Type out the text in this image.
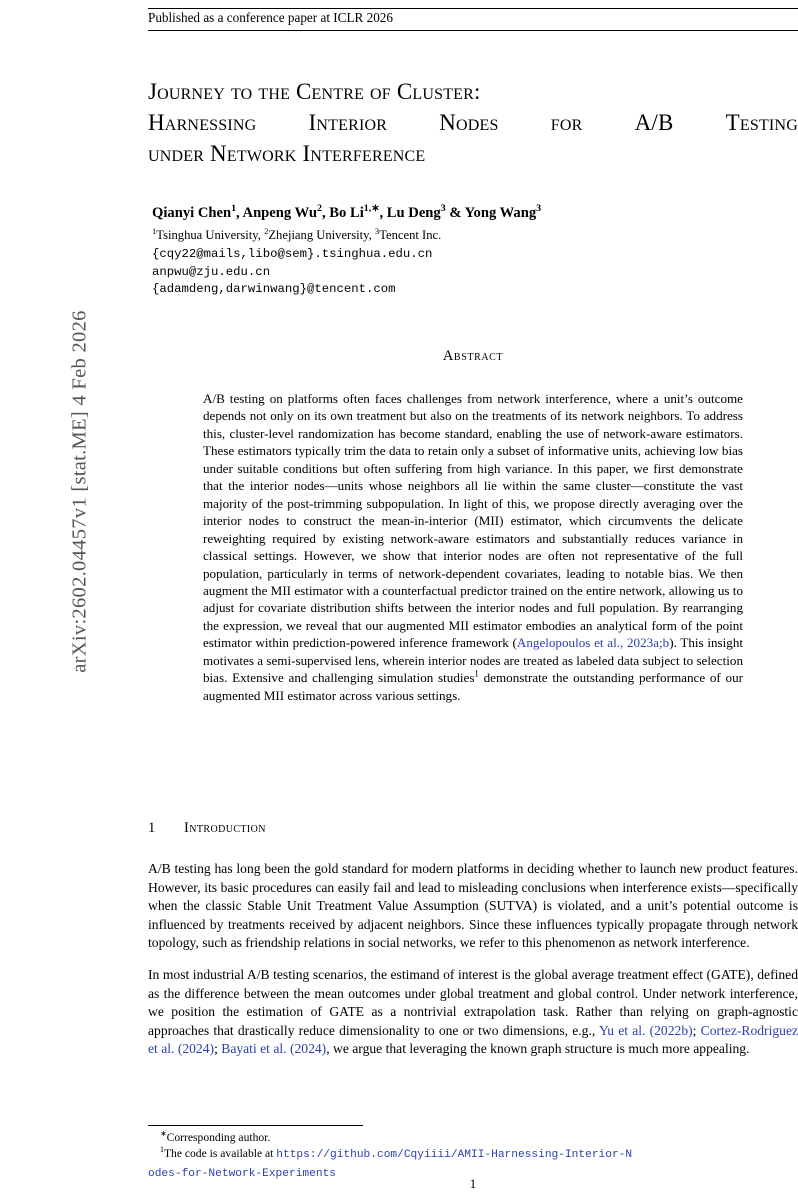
arXiv:2602.04457v1 [stat.ME] 4 Feb 2026
Published as a conference paper at ICLR 2026
Journey to the Centre of Cluster:
Harnessing Interior Nodes for A/B Testing
under Network Interference
Qianyi Chen$^1$, Anpeng Wu$^2$, Bo $Li^{1,∗}$, Lu Deng$^3$ & Yong Wang$^3$
$^1$Tsinghua University, $^2$Zhejiang University, $^3$Tencent Inc.
{cqy22@mails,libo@sem}.tsinghua.edu.cn
anpwu@zju.edu.cn
{adamdeng,darwinwang}@tencent.com
Abstract
A/B testing on platforms often faces challenges from network interference, where a unit’s outcome depends not only on its own treatment but also on the treatments of its network neighbors. To address this, cluster-level randomization has become standard, enabling the use of network-aware estimators. These estimators typically trim the data to retain only a subset of informative units, achieving low bias under suitable conditions but often suffering from high variance. In this paper, we first demonstrate that the interior nodes—units whose neighbors all lie within the same cluster—constitute the vast majority of the post-trimming subpopulation. In light of this, we propose directly averaging over the interior nodes to construct the mean-in-interior (MII) estimator, which circumvents the delicate reweighting required by existing network-aware estimators and substantially reduces variance in classical settings. However, we show that interior nodes are often not representative of the full population, particularly in terms of network-dependent covariates, leading to notable bias. We then augment the MII estimator with a counterfactual predictor trained on the entire network, allowing us to adjust for covariate distribution shifts between the interior nodes and full population. By rearranging the expression, we reveal that our augmented MII estimator embodies an analytical form of the point estimator within prediction-powered inference framework (Angelopoulos et al., 2023a;b). This insight motivates a semi-supervised lens, wherein interior nodes are treated as labeled data subject to selection bias. Extensive and challenging simulation studies$^1$ demonstrate the outstanding performance of our augmented MII estimator across various settings.
1 Introduction

A/B testing has long been the gold standard for modern platforms in deciding whether to launch new product features. However, its basic procedures can easily fail and lead to misleading conclusions when interference exists—specifically when the classic Stable Unit Treatment Value Assumption (SUTVA) is violated, and a unit’s potential outcome is influenced by treatments received by adjacent neighbors. Since these influences typically propagate through network topology, such as friendship relations in social networks, we refer to this phenomenon as network interference.

In most industrial A/B testing scenarios, the estimand of interest is the global average treatment effect (GATE), defined as the difference between the mean outcomes under global treatment and global control. Under network interference, we position the estimation of GATE as a nontrivial extrapolation task. Rather than relying on graph-agnostic approaches that drastically reduce dimensionality to one or two dimensions, e.g., Yu et al. (2022b); Cortez-Rodriguez et al. (2024); Bayati et al. (2024), we argue that leveraging the known graph structure is much more appealing.

∗Corresponding author.
$^1$The code is available at https://github.com/Cqyiiii/AMII-Harnessing-Interior-N
odes-for-Network-Experiments
1
